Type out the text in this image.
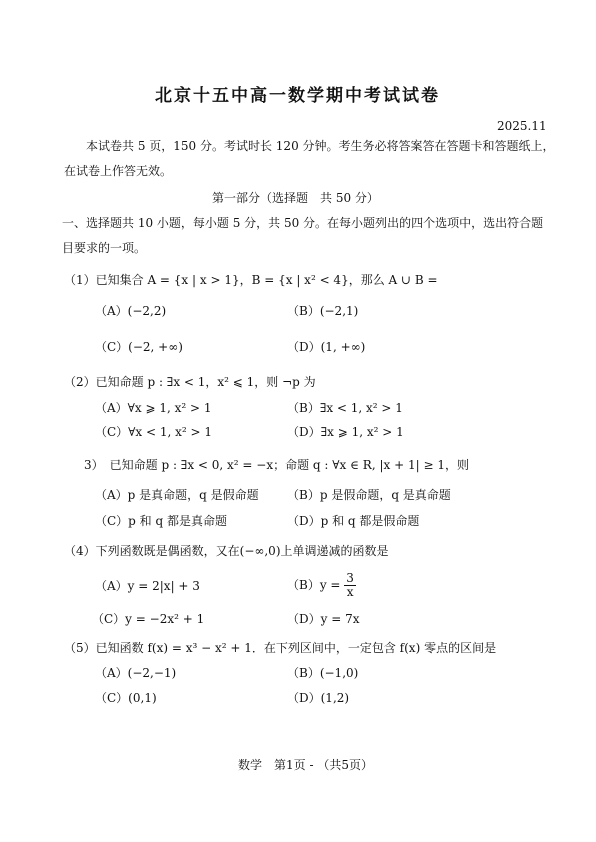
北京十五中高一数学期中考试试卷
2025.11
本试卷共 5 页，150 分。考试时长 120 分钟。考生务必将答案答在答题卡和答题纸上，
在试卷上作答无效。
第一部分（选择题　共 50 分）
一、选择题共 10 小题，每小题 5 分，共 50 分。在每小题列出的四个选项中，选出符合题
目要求的一项。
（1）已知集合 A = {x | x > 1}，B = {x | x² < 4}，那么 A ∪ B =
（A）(−2,2)	（B）(−2,1)
（C）(−2, +∞)	（D）(1, +∞)
（2）已知命题 p : ∃x < 1，x² ⩽ 1，则 ¬p 为
（A）∀x ⩾ 1, x² > 1	（B）∃x < 1, x² > 1
（C）∀x < 1, x² > 1	（D）∃x ⩾ 1, x² > 1
3）　已知命题 p : ∃x < 0, x² = −x；命题 q : ∀x ∈ R, |x + 1| ≥ 1，则
（A）p 是真命题，q 是假命题 （B）p 是假命题，q 是真命题
（C）p 和 q 都是真命题	（D）p 和 q 都是假命题
（4）下列函数既是偶函数，又在(−∞,0)上单调递减的函数是
（A）y = 2|x| + 3	$(B)y = \frac{3}{x}$
（C）y = −2x² + 1	（D）y = 7x
（5）已知函数 f(x) = x³ − x² + 1．在下列区间中，一定包含 f(x) 零点的区间是
（A）(−2,−1)	（B）(−1,0)
（C）(0,1)	（D）(1,2)
数学　第1页 - （共5页）
